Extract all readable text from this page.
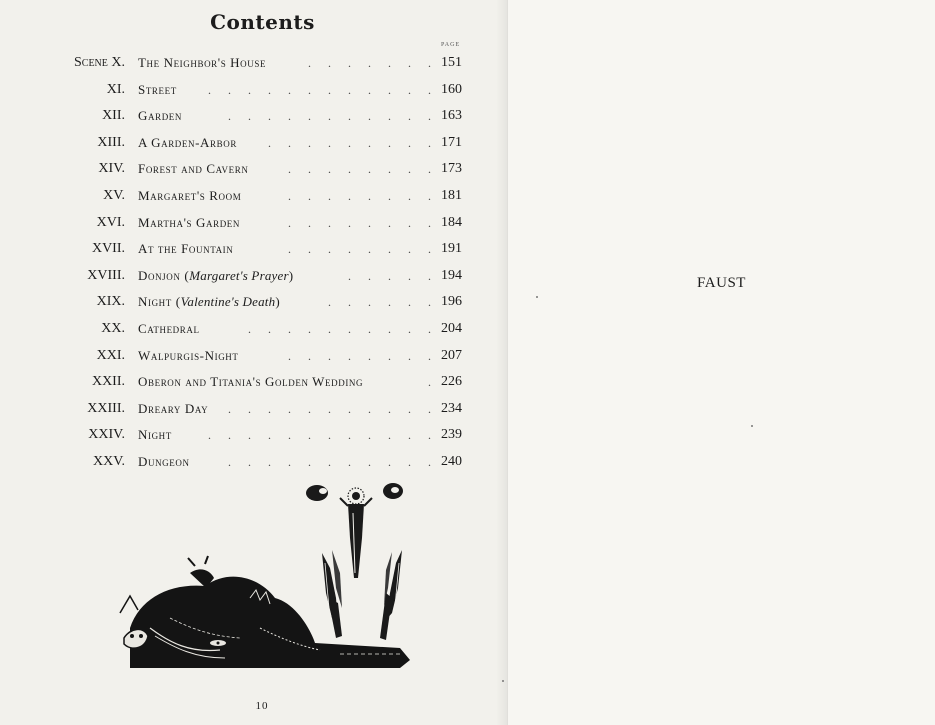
Contents
PAGE
Scene X. The Neighbor's House	. . . . . . . 151
XI. Street	. . . . . . . . . . . . 160
XII. Garden	. . . . . . . . . . . 163
XIII. A Garden-Arbor	. . . . . . . . . 171
XIV. Forest and Cavern	. . . . . . . . 173
XV. Margaret's Room	. . . . . . . . 181
XVI. Martha's Garden	. . . . . . . . 184
XVII. At the Fountain	. . . . . . . . 191
XVIII. Donjon (Margaret's Prayer)	. . . . . 194
XIX. Night (Valentine's Death)	. . . . . . 196
XX. Cathedral	. . . . . . . . . . 204
XXI. Walpurgis-Night	. . . . . . . . 207
XXII. Oberon and Titania's Golden Wedding	. 226
XXIII. Dreary Day . . . . . . . . . . . 234
XXIV. Night	. . . . . . . . . . . . 239
XXV. Dungeon	. . . . . . . . . . . 240
10
FAUST
